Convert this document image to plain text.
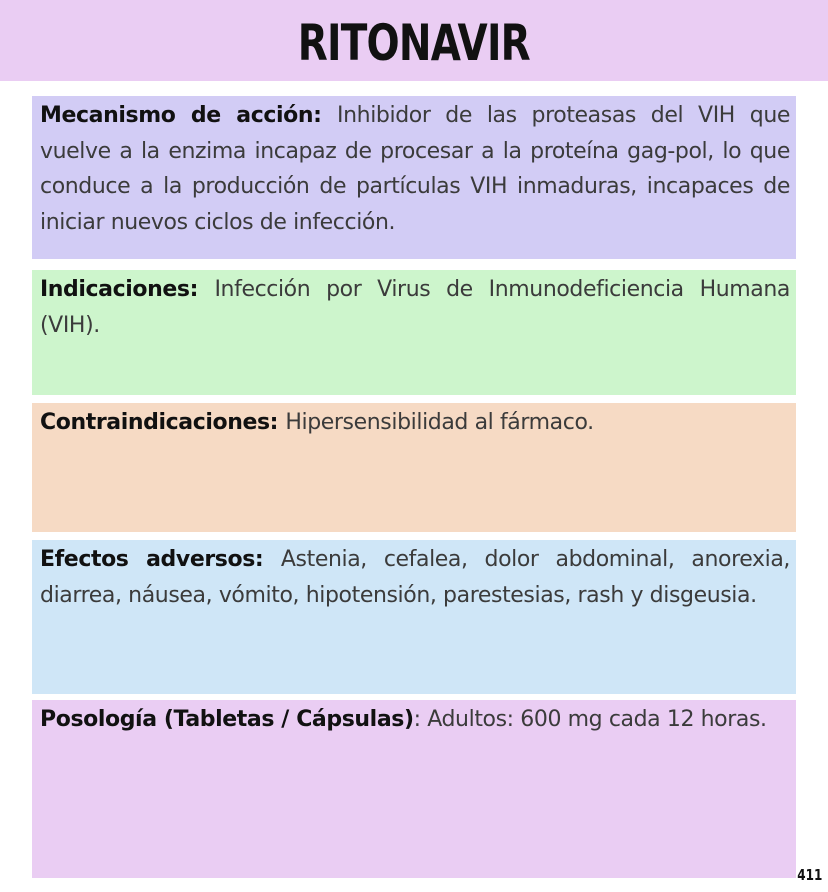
RITONAVIR
Mecanismo de acción: Inhibidor de las proteasas del VIH que vuelve a la enzima incapaz de procesar a la proteína gag-pol, lo que conduce a la producción de partículas VIH inmaduras, incapaces de iniciar nuevos ciclos de infección.
Indicaciones: Infección por Virus de Inmunodeficiencia Humana (VIH).
Contraindicaciones: Hipersensibilidad al fármaco.
Efectos adversos: Astenia, cefalea, dolor abdominal, anorexia, diarrea, náusea, vómito, hipotensión, parestesias, rash y disgeusia.
Posología (Tabletas / Cápsulas): Adultos: 600 mg cada 12 horas.
411
